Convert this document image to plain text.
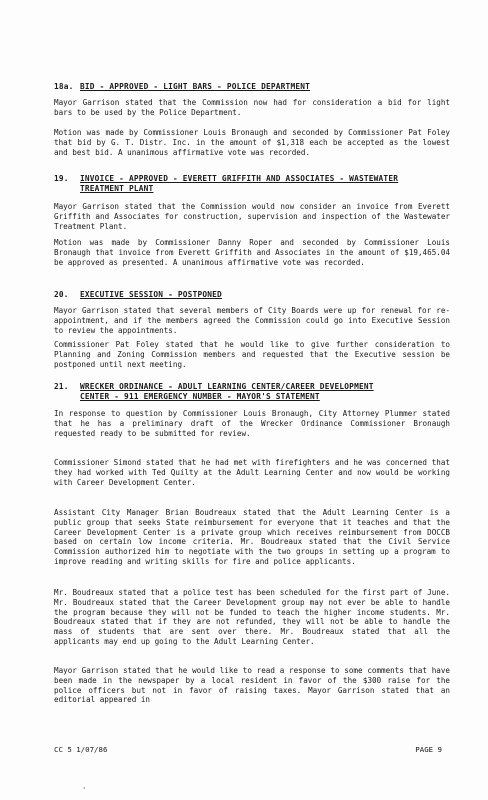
18a. BID - APPROVED - LIGHT BARS - POLICE DEPARTMENT
Mayor Garrison stated that the Commission now had for consideration a bid for light bars to be used by the Police Department.
Motion was made by Commissioner Louis Bronaugh and seconded by Commissioner Pat Foley that bid by G. T. Distr. Inc. in the amount of $1,318 each be accepted as the lowest and best bid. A unanimous affirmative vote was recorded.
19. INVOICE - APPROVED - EVERETT GRIFFITH AND ASSOCIATES - WASTEWATER
TREATMENT PLANT
Mayor Garrison stated that the Commission would now consider an invoice from Everett Griffith and Associates for construction, supervision and inspection of the Wastewater Treatment Plant.
Motion was made by Commissioner Danny Roper and seconded by Commissioner Louis Bronaugh that invoice from Everett Griffith and Associates in the amount of $19,465.04 be approved as presented. A unanimous affirmative vote was recorded.
20. EXECUTIVE SESSION - POSTPONED
Mayor Garrison stated that several members of City Boards were up for renewal for re-appointment, and if the members agreed the Commission could go into Executive Session to review the appointments.
Commissioner Pat Foley stated that he would like to give further consideration to Planning and Zoning Commission members and requested that the Executive session be postponed until next meeting.
21. WRECKER ORDINANCE - ADULT LEARNING CENTER/CAREER DEVELOPMENT
CENTER - 911 EMERGENCY NUMBER - MAYOR'S STATEMENT
In response to question by Commissioner Louis Bronaugh, City Attorney Plummer stated that he has a preliminary draft of the Wrecker Ordinance Commissioner Bronaugh requested ready to be submitted for review.
Commissioner Simond stated that he had met with firefighters and he was concerned that they had worked with Ted Quilty at the Adult Learning Center and now would be working with Career Development Center.
Assistant City Manager Brian Boudreaux stated that the Adult Learning Center is a public group that seeks State reimbursement for everyone that it teaches and that the Career Development Center is a private group which receives reimbursement from DOCCB based on certain low income criteria. Mr. Boudreaux stated that the Civil Service Commission authorized him to negotiate with the two groups in setting up a program to improve reading and writing skills for fire and police applicants.
Mr. Boudreaux stated that a police test has been scheduled for the first part of June. Mr. Boudreaux stated that the Career Development group may not ever be able to handle the program because they will not be funded to teach the higher income students. Mr. Boudreaux stated that if they are not refunded, they will not be able to handle the mass of students that are sent over there. Mr. Boudreaux stated that all the applicants may end up going to the Adult Learning Center.
Mayor Garrison stated that he would like to read a response to some comments that have been made in the newspaper by a local resident in favor of the $300 raise for the police officers but not in favor of raising taxes. Mayor Garrison stated that an editorial appeared in
CC 5 1/07/86	PAGE 9
'
